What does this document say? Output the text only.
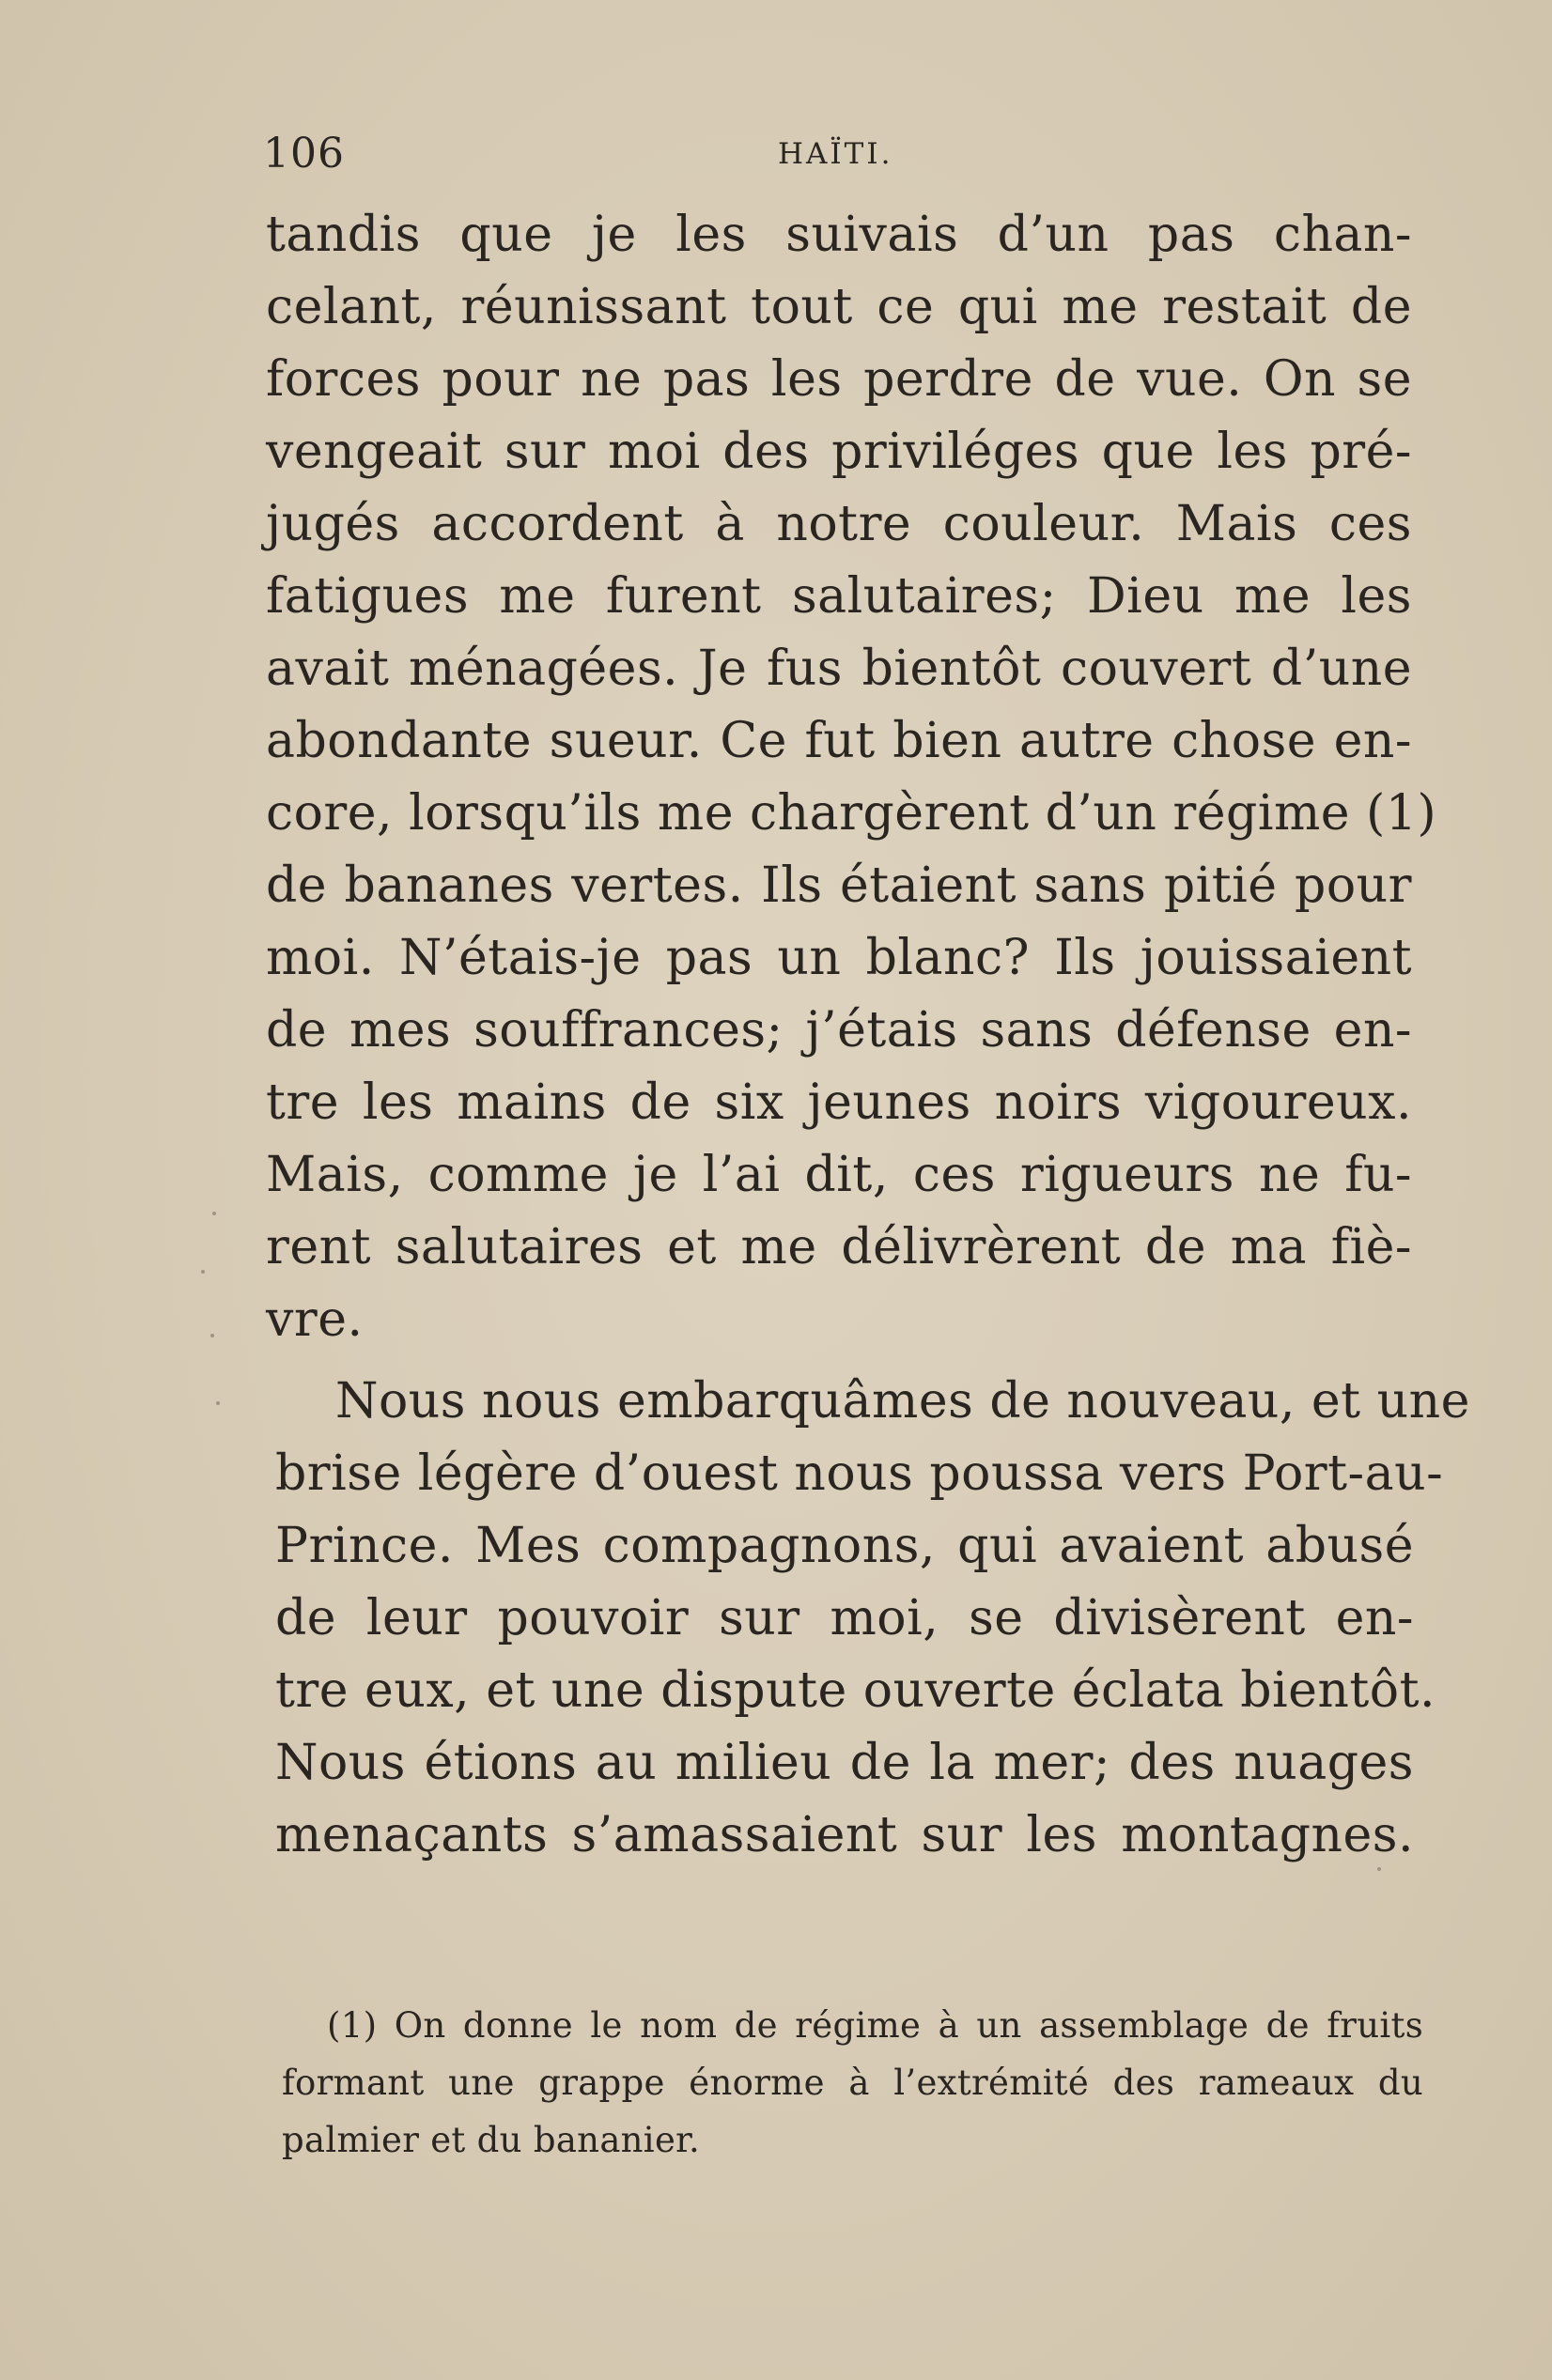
106	HAÏTI.
tandis que je les suivais d’un pas chan-
celant, réunissant tout ce qui me restait de
forces pour ne pas les perdre de vue. On se
vengeait sur moi des priviléges que les pré-
jugés accordent à notre couleur. Mais ces
fatigues me furent salutaires; Dieu me les
avait ménagées. Je fus bientôt couvert d’une
abondante sueur. Ce fut bien autre chose en-
core, lorsqu’ils me chargèrent d’un régime (1)
de bananes vertes. Ils étaient sans pitié pour
moi. N’étais-je pas un blanc? Ils jouissaient
de mes souffrances; j’étais sans défense en-
tre les mains de six jeunes noirs vigoureux.
Mais, comme je l’ai dit, ces rigueurs ne fu-
rent salutaires et me délivrèrent de ma fiè-
vre.
Nous nous embarquâmes de nouveau, et une
brise légère d’ouest nous poussa vers Port-au-
Prince. Mes compagnons, qui avaient abusé
de leur pouvoir sur moi, se divisèrent en-
tre eux, et une dispute ouverte éclata bientôt.
Nous étions au milieu de la mer; des nuages
menaçants s’amassaient sur les montagnes.
(1) On donne le nom de régime à un assemblage de fruits
formant une grappe énorme à l’extrémité des rameaux du
palmier et du bananier.
